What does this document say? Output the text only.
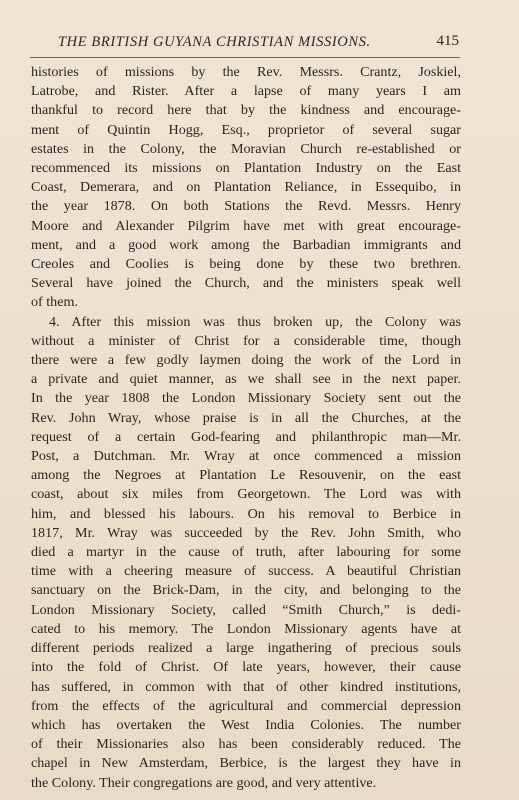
THE BRITISH GUYANA CHRISTIAN MISSIONS.	415
histories of missions by the Rev. Messrs. Crantz, Joskiel,
Latrobe, and Rister. After a lapse of many years I am
thankful to record here that by the kindness and encourage-
ment of Quintin Hogg, Esq., proprietor of several sugar
estates in the Colony, the Moravian Church re-established or
recommenced its missions on Plantation Industry on the East
Coast, Demerara, and on Plantation Reliance, in Essequibo, in
the year 1878. On both Stations the Revd. Messrs. Henry
Moore and Alexander Pilgrim have met with great encourage-
ment, and a good work among the Barbadian immigrants and
Creoles and Coolies is being done by these two brethren.
Several have joined the Church, and the ministers speak well
of them.
4. After this mission was thus broken up, the Colony was
without a minister of Christ for a considerable time, though
there were a few godly laymen doing the work of the Lord in
a private and quiet manner, as we shall see in the next paper.
In the year 1808 the London Missionary Society sent out the
Rev. John Wray, whose praise is in all the Churches, at the
request of a certain God-fearing and philanthropic man—Mr.
Post, a Dutchman. Mr. Wray at once commenced a mission
among the Negroes at Plantation Le Resouvenir, on the east
coast, about six miles from Georgetown. The Lord was with
him, and blessed his labours. On his removal to Berbice in
1817, Mr. Wray was succeeded by the Rev. John Smith, who
died a martyr in the cause of truth, after labouring for some
time with a cheering measure of success. A beautiful Christian
sanctuary on the Brick-Dam, in the city, and belonging to the
London Missionary Society, called “Smith Church,” is dedi-
cated to his memory. The London Missionary agents have at
different periods realized a large ingathering of precious souls
into the fold of Christ. Of late years, however, their cause
has suffered, in common with that of other kindred institutions,
from the effects of the agricultural and commercial depression
which has overtaken the West India Colonies. The number
of their Missionaries also has been considerably reduced. The
chapel in New Amsterdam, Berbice, is the largest they have in
the Colony. Their congregations are good, and very attentive.
